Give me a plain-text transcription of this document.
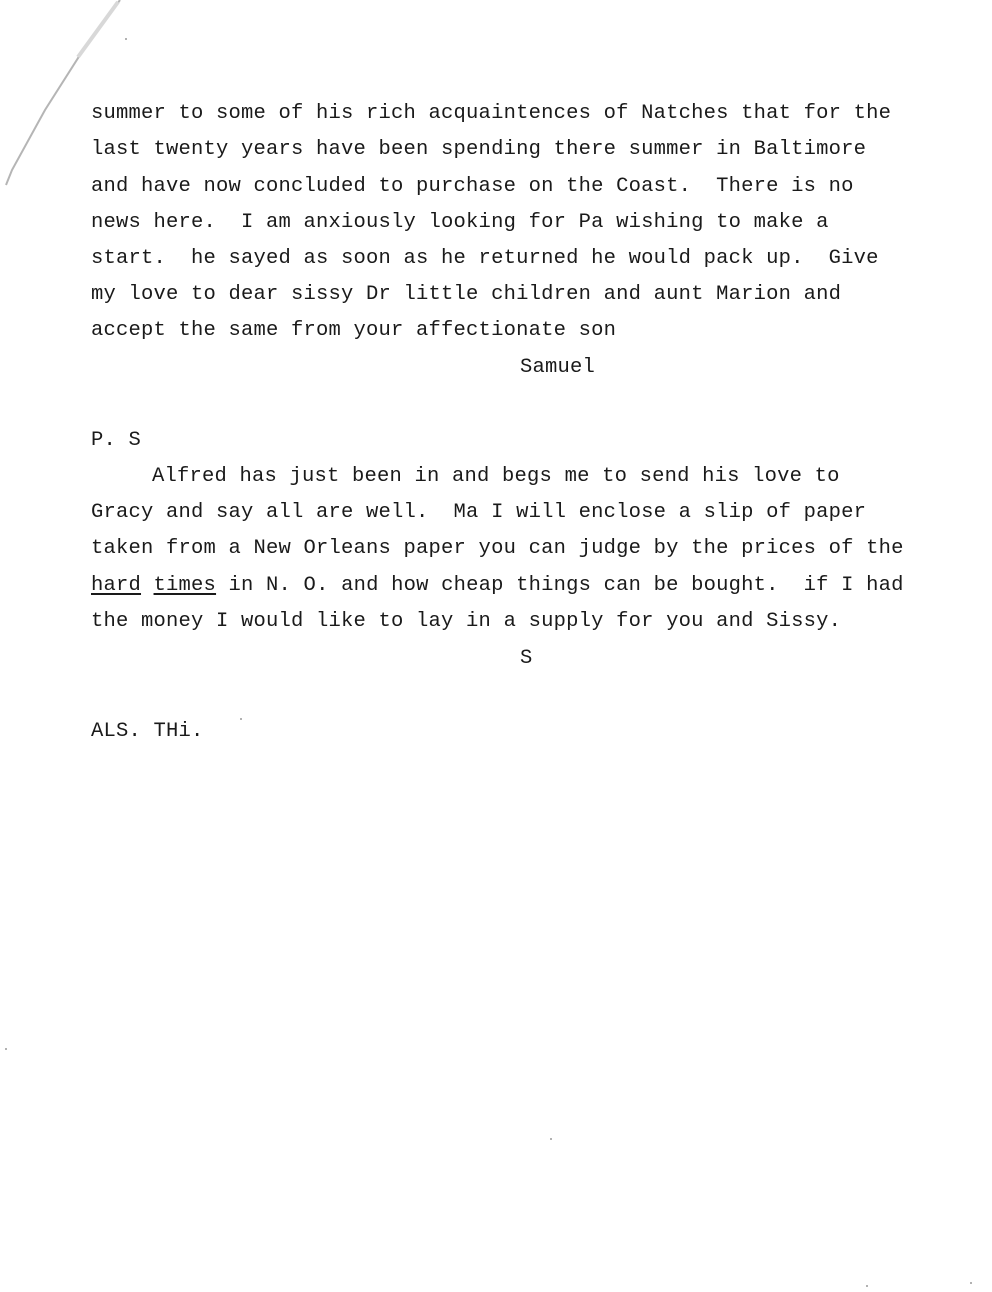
summer to some of his rich acquaintences of Natches that for the
last twenty years have been spending there summer in Baltimore
and have now concluded to purchase on the Coast.  There is no
news here.  I am anxiously looking for Pa wishing to make a
start.  he sayed as soon as he returned he would pack up.  Give
my love to dear sissy Dr little children and aunt Marion and
accept the same from your affectionate son
Samuel
P. S
Alfred has just been in and begs me to send his love to
Gracy and say all are well.  Ma I will enclose a slip of paper
taken from a New Orleans paper you can judge by the prices of the
hard times in N. O. and how cheap things can be bought.  if I had
the money I would like to lay in a supply for you and Sissy.
S
ALS. THi.
